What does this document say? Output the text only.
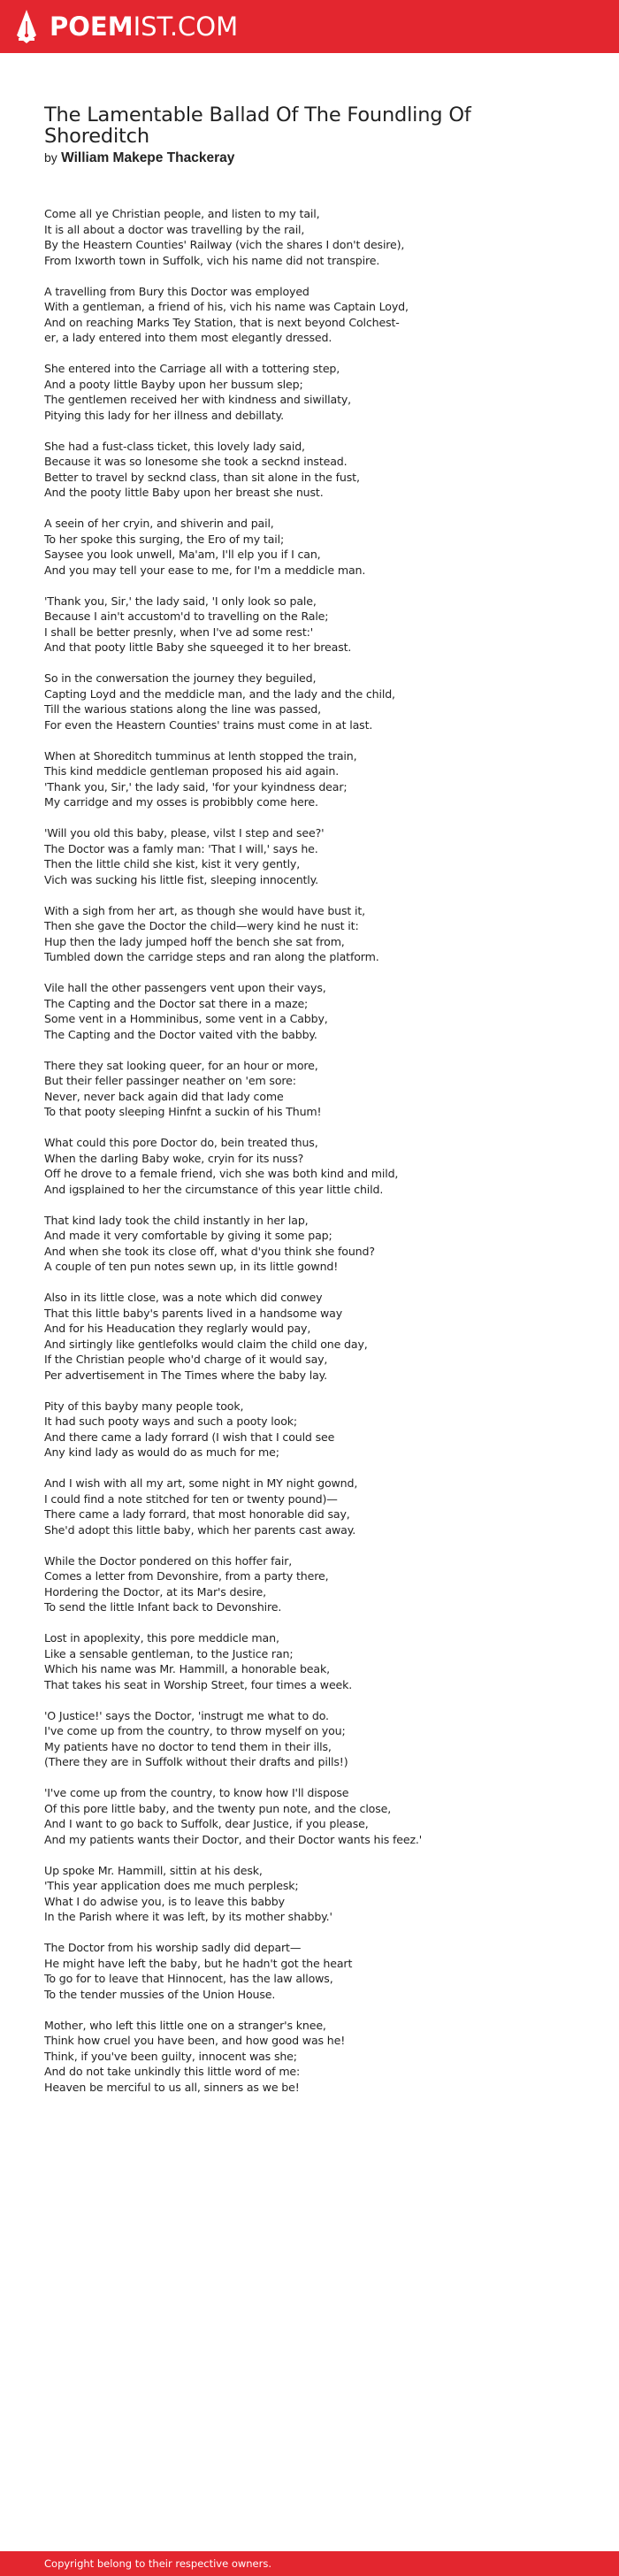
POEMIST.COM
The Lamentable Ballad Of The Foundling Of Shoreditch
by William Makepe Thackeray
Come all ye Christian people, and listen to my tail,
It is all about a doctor was travelling by the rail,
By the Heastern Counties' Railway (vich the shares I don't desire),
From Ixworth town in Suffolk, vich his name did not transpire.
A travelling from Bury this Doctor was employed
With a gentleman, a friend of his, vich his name was Captain Loyd,
And on reaching Marks Tey Station, that is next beyond Colchest-
er, a lady entered into them most elegantly dressed.
She entered into the Carriage all with a tottering step,
And a pooty little Bayby upon her bussum slep;
The gentlemen received her with kindness and siwillaty,
Pitying this lady for her illness and debillaty.
She had a fust-class ticket, this lovely lady said,
Because it was so lonesome she took a secknd instead.
Better to travel by secknd class, than sit alone in the fust,
And the pooty little Baby upon her breast she nust.
A seein of her cryin, and shiverin and pail,
To her spoke this surging, the Ero of my tail;
Saysee you look unwell, Ma'am, I'll elp you if I can,
And you may tell your ease to me, for I'm a meddicle man.
'Thank you, Sir,' the lady said, 'I only look so pale,
Because I ain't accustom'd to travelling on the Rale;
I shall be better presnly, when I've ad some rest:'
And that pooty little Baby she squeeged it to her breast.
So in the conwersation the journey they beguiled,
Capting Loyd and the meddicle man, and the lady and the child,
Till the warious stations along the line was passed,
For even the Heastern Counties' trains must come in at last.
When at Shoreditch tumminus at lenth stopped the train,
This kind meddicle gentleman proposed his aid again.
'Thank you, Sir,' the lady said, 'for your kyindness dear;
My carridge and my osses is probibbly come here.
'Will you old this baby, please, vilst I step and see?'
The Doctor was a famly man: 'That I will,' says he.
Then the little child she kist, kist it very gently,
Vich was sucking his little fist, sleeping innocently.
With a sigh from her art, as though she would have bust it,
Then she gave the Doctor the child—wery kind he nust it:
Hup then the lady jumped hoff the bench she sat from,
Tumbled down the carridge steps and ran along the platform.
Vile hall the other passengers vent upon their vays,
The Capting and the Doctor sat there in a maze;
Some vent in a Homminibus, some vent in a Cabby,
The Capting and the Doctor vaited vith the babby.
There they sat looking queer, for an hour or more,
But their feller passinger neather on 'em sore:
Never, never back again did that lady come
To that pooty sleeping Hinfnt a suckin of his Thum!
What could this pore Doctor do, bein treated thus,
When the darling Baby woke, cryin for its nuss?
Off he drove to a female friend, vich she was both kind and mild,
And igsplained to her the circumstance of this year little child.
That kind lady took the child instantly in her lap,
And made it very comfortable by giving it some pap;
And when she took its close off, what d'you think she found?
A couple of ten pun notes sewn up, in its little gownd!
Also in its little close, was a note which did conwey
That this little baby's parents lived in a handsome way
And for his Headucation they reglarly would pay,
And sirtingly like gentlefolks would claim the child one day,
If the Christian people who'd charge of it would say,
Per advertisement in The Times where the baby lay.
Pity of this bayby many people took,
It had such pooty ways and such a pooty look;
And there came a lady forrard (I wish that I could see
Any kind lady as would do as much for me;
And I wish with all my art, some night in MY night gownd,
I could find a note stitched for ten or twenty pound)—
There came a lady forrard, that most honorable did say,
She'd adopt this little baby, which her parents cast away.
While the Doctor pondered on this hoffer fair,
Comes a letter from Devonshire, from a party there,
Hordering the Doctor, at its Mar's desire,
To send the little Infant back to Devonshire.
Lost in apoplexity, this pore meddicle man,
Like a sensable gentleman, to the Justice ran;
Which his name was Mr. Hammill, a honorable beak,
That takes his seat in Worship Street, four times a week.
'O Justice!' says the Doctor, 'instrugt me what to do.
I've come up from the country, to throw myself on you;
My patients have no doctor to tend them in their ills,
(There they are in Suffolk without their drafts and pills!)
'I've come up from the country, to know how I'll dispose
Of this pore little baby, and the twenty pun note, and the close,
And I want to go back to Suffolk, dear Justice, if you please,
And my patients wants their Doctor, and their Doctor wants his feez.'
Up spoke Mr. Hammill, sittin at his desk,
'This year application does me much perplesk;
What I do adwise you, is to leave this babby
In the Parish where it was left, by its mother shabby.'
The Doctor from his worship sadly did depart—
He might have left the baby, but he hadn't got the heart
To go for to leave that Hinnocent, has the law allows,
To the tender mussies of the Union House.
Mother, who left this little one on a stranger's knee,
Think how cruel you have been, and how good was he!
Think, if you've been guilty, innocent was she;
And do not take unkindly this little word of me:
Heaven be merciful to us all, sinners as we be!
Copyright belong to their respective owners.
